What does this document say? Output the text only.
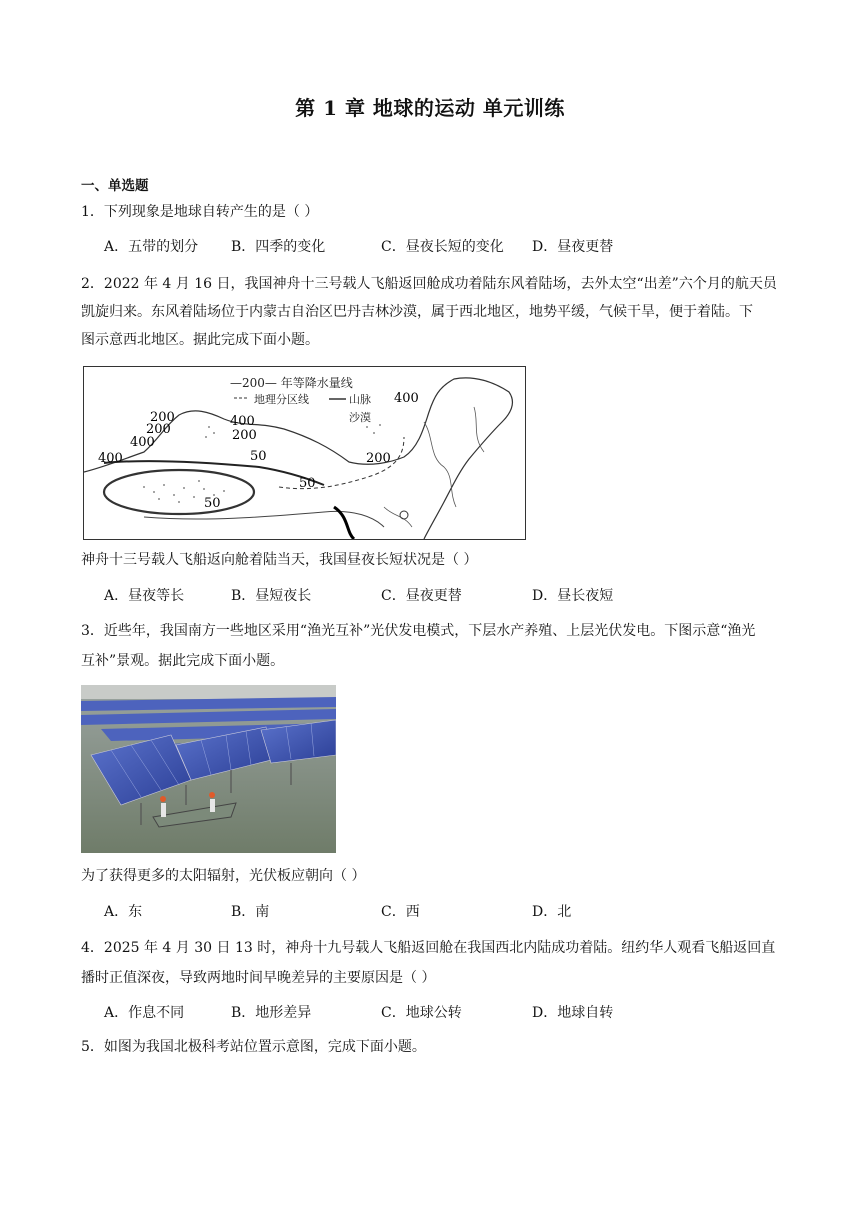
第 1 章 地球的运动 单元训练
一、单选题
1．下列现象是地球自转产生的是（ ）
A．五带的划分 B．四季的变化	C．昼夜长短的变化 D．昼夜更替
2．2022 年 4 月 16 日，我国神舟十三号载人飞船返回舱成功着陆东风着陆场，去外太空“出差”六个月的航天员
凯旋归来。东风着陆场位于内蒙古自治区巴丹吉林沙漠，属于西北地区，地势平缓，气候干旱，便于着陆。下
图示意西北地区。据此完成下面小题。
—200— 年等降水量线
地理分区线	山脉
沙漠
200
200
400	200
400
400	50
50
50
200
400
神舟十三号载人飞船返向舱着陆当天，我国昼夜长短状况是（ ）
A．昼夜等长	B．昼短夜长	C．昼夜更替	D．昼长夜短
3．近些年，我国南方一些地区采用“渔光互补”光伏发电模式，下层水产养殖、上层光伏发电。下图示意“渔光
互补”景观。据此完成下面小题。
为了获得更多的太阳辐射，光伏板应朝向（ ）
A．东	B．南	C．西	D．北
4．2025 年 4 月 30 日 13 时，神舟十九号载人飞船返回舱在我国西北内陆成功着陆。纽约华人观看飞船返回直
播时正值深夜，导致两地时间早晚差异的主要原因是（ ）
A．作息不同	B．地形差异	C．地球公转	D．地球自转
5．如图为我国北极科考站位置示意图，完成下面小题。
